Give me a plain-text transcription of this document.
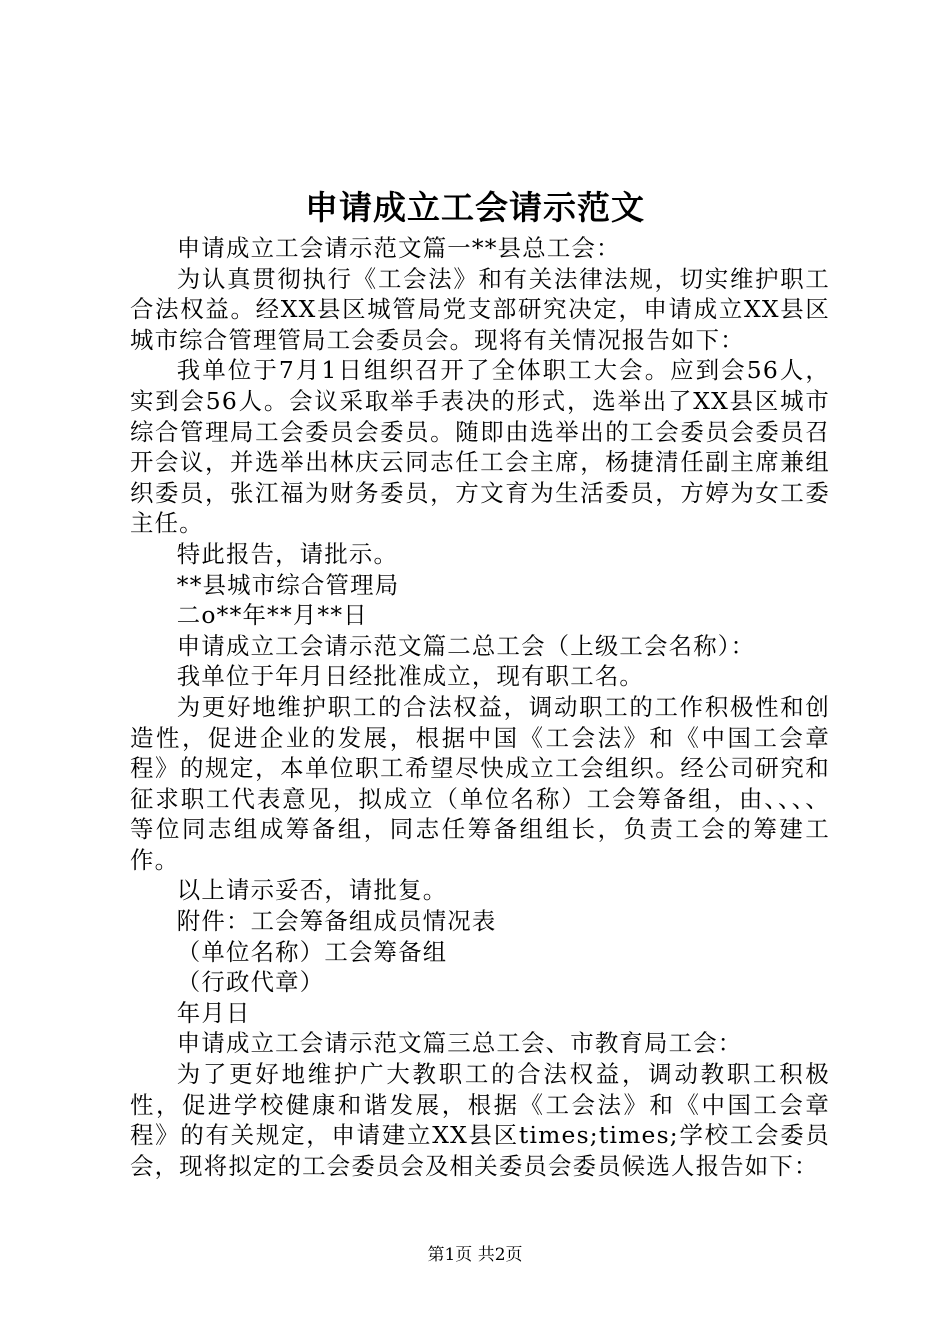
申请成立工会请示范文

申请成立工会请示范文篇一**县总工会：

为认真贯彻执行《工会法》和有关法律法规，切实维护职工合法权益。经XX县区城管局党支部研究决定，申请成立XX县区城市综合管理管局工会委员会。现将有关情况报告如下：

我单位于7月1日组织召开了全体职工大会。应到会56人，实到会56人。会议采取举手表决的形式，选举出了XX县区城市综合管理局工会委员会委员。随即由选举出的工会委员会委员召开会议，并选举出林庆云同志任工会主席，杨捷清任副主席兼组织委员，张江福为财务委员，方文育为生活委员，方婷为女工委主任。

特此报告，请批示。

**县城市综合管理局

二o**年**月**日

申请成立工会请示范文篇二总工会（上级工会名称）：

我单位于年月日经批准成立，现有职工名。

为更好地维护职工的合法权益，调动职工的工作积极性和创造性，促进企业的发展，根据中国《工会法》和《中国工会章程》的规定，本单位职工希望尽快成立工会组织。经公司研究和征求职工代表意见，拟成立（单位名称）工会筹备组，由、、、、等位同志组成筹备组，同志任筹备组组长，负责工会的筹建工作。

以上请示妥否，请批复。

附件：工会筹备组成员情况表

（单位名称）工会筹备组

（行政代章）

年月日

申请成立工会请示范文篇三总工会、市教育局工会：

为了更好地维护广大教职工的合法权益，调动教职工积极性，促进学校健康和谐发展，根据《工会法》和《中国工会章程》的有关规定，申请建立XX县区times;times;学校工会委员会，现将拟定的工会委员会及相关委员会委员候选人报告如下：

第1页 共2页
